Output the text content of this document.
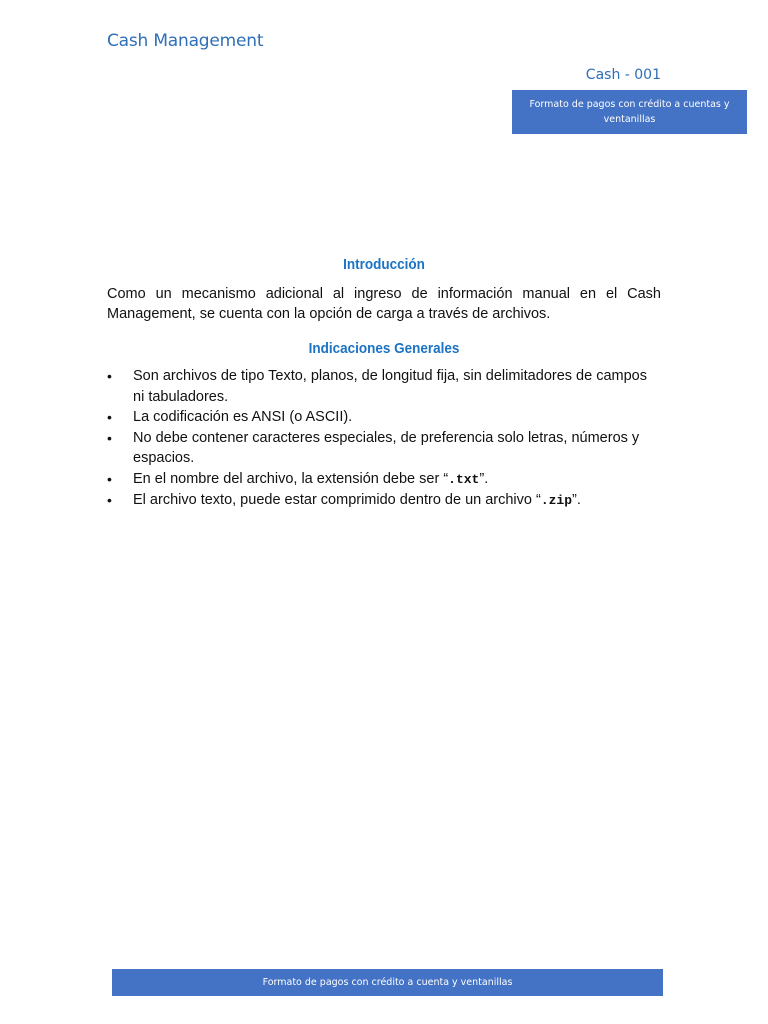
Cash Management
Cash - 001
Formato de pagos con crédito a cuentas y ventanillas
Introducción

Como un mecanismo adicional al ingreso de información manual en el Cash Management, se cuenta con la opción de carga a través de archivos.

Indicaciones Generales
• Son archivos de tipo Texto, planos, de longitud fija, sin delimitadores de campos ni tabuladores.
• La codificación es ANSI (o ASCII).
• No debe contener caracteres especiales, de preferencia solo letras, números y espacios.
• En el nombre del archivo, la extensión debe ser “.txt”.
• El archivo texto, puede estar comprimido dentro de un archivo “.zip”.
Formato de pagos con crédito a cuenta y ventanillas
